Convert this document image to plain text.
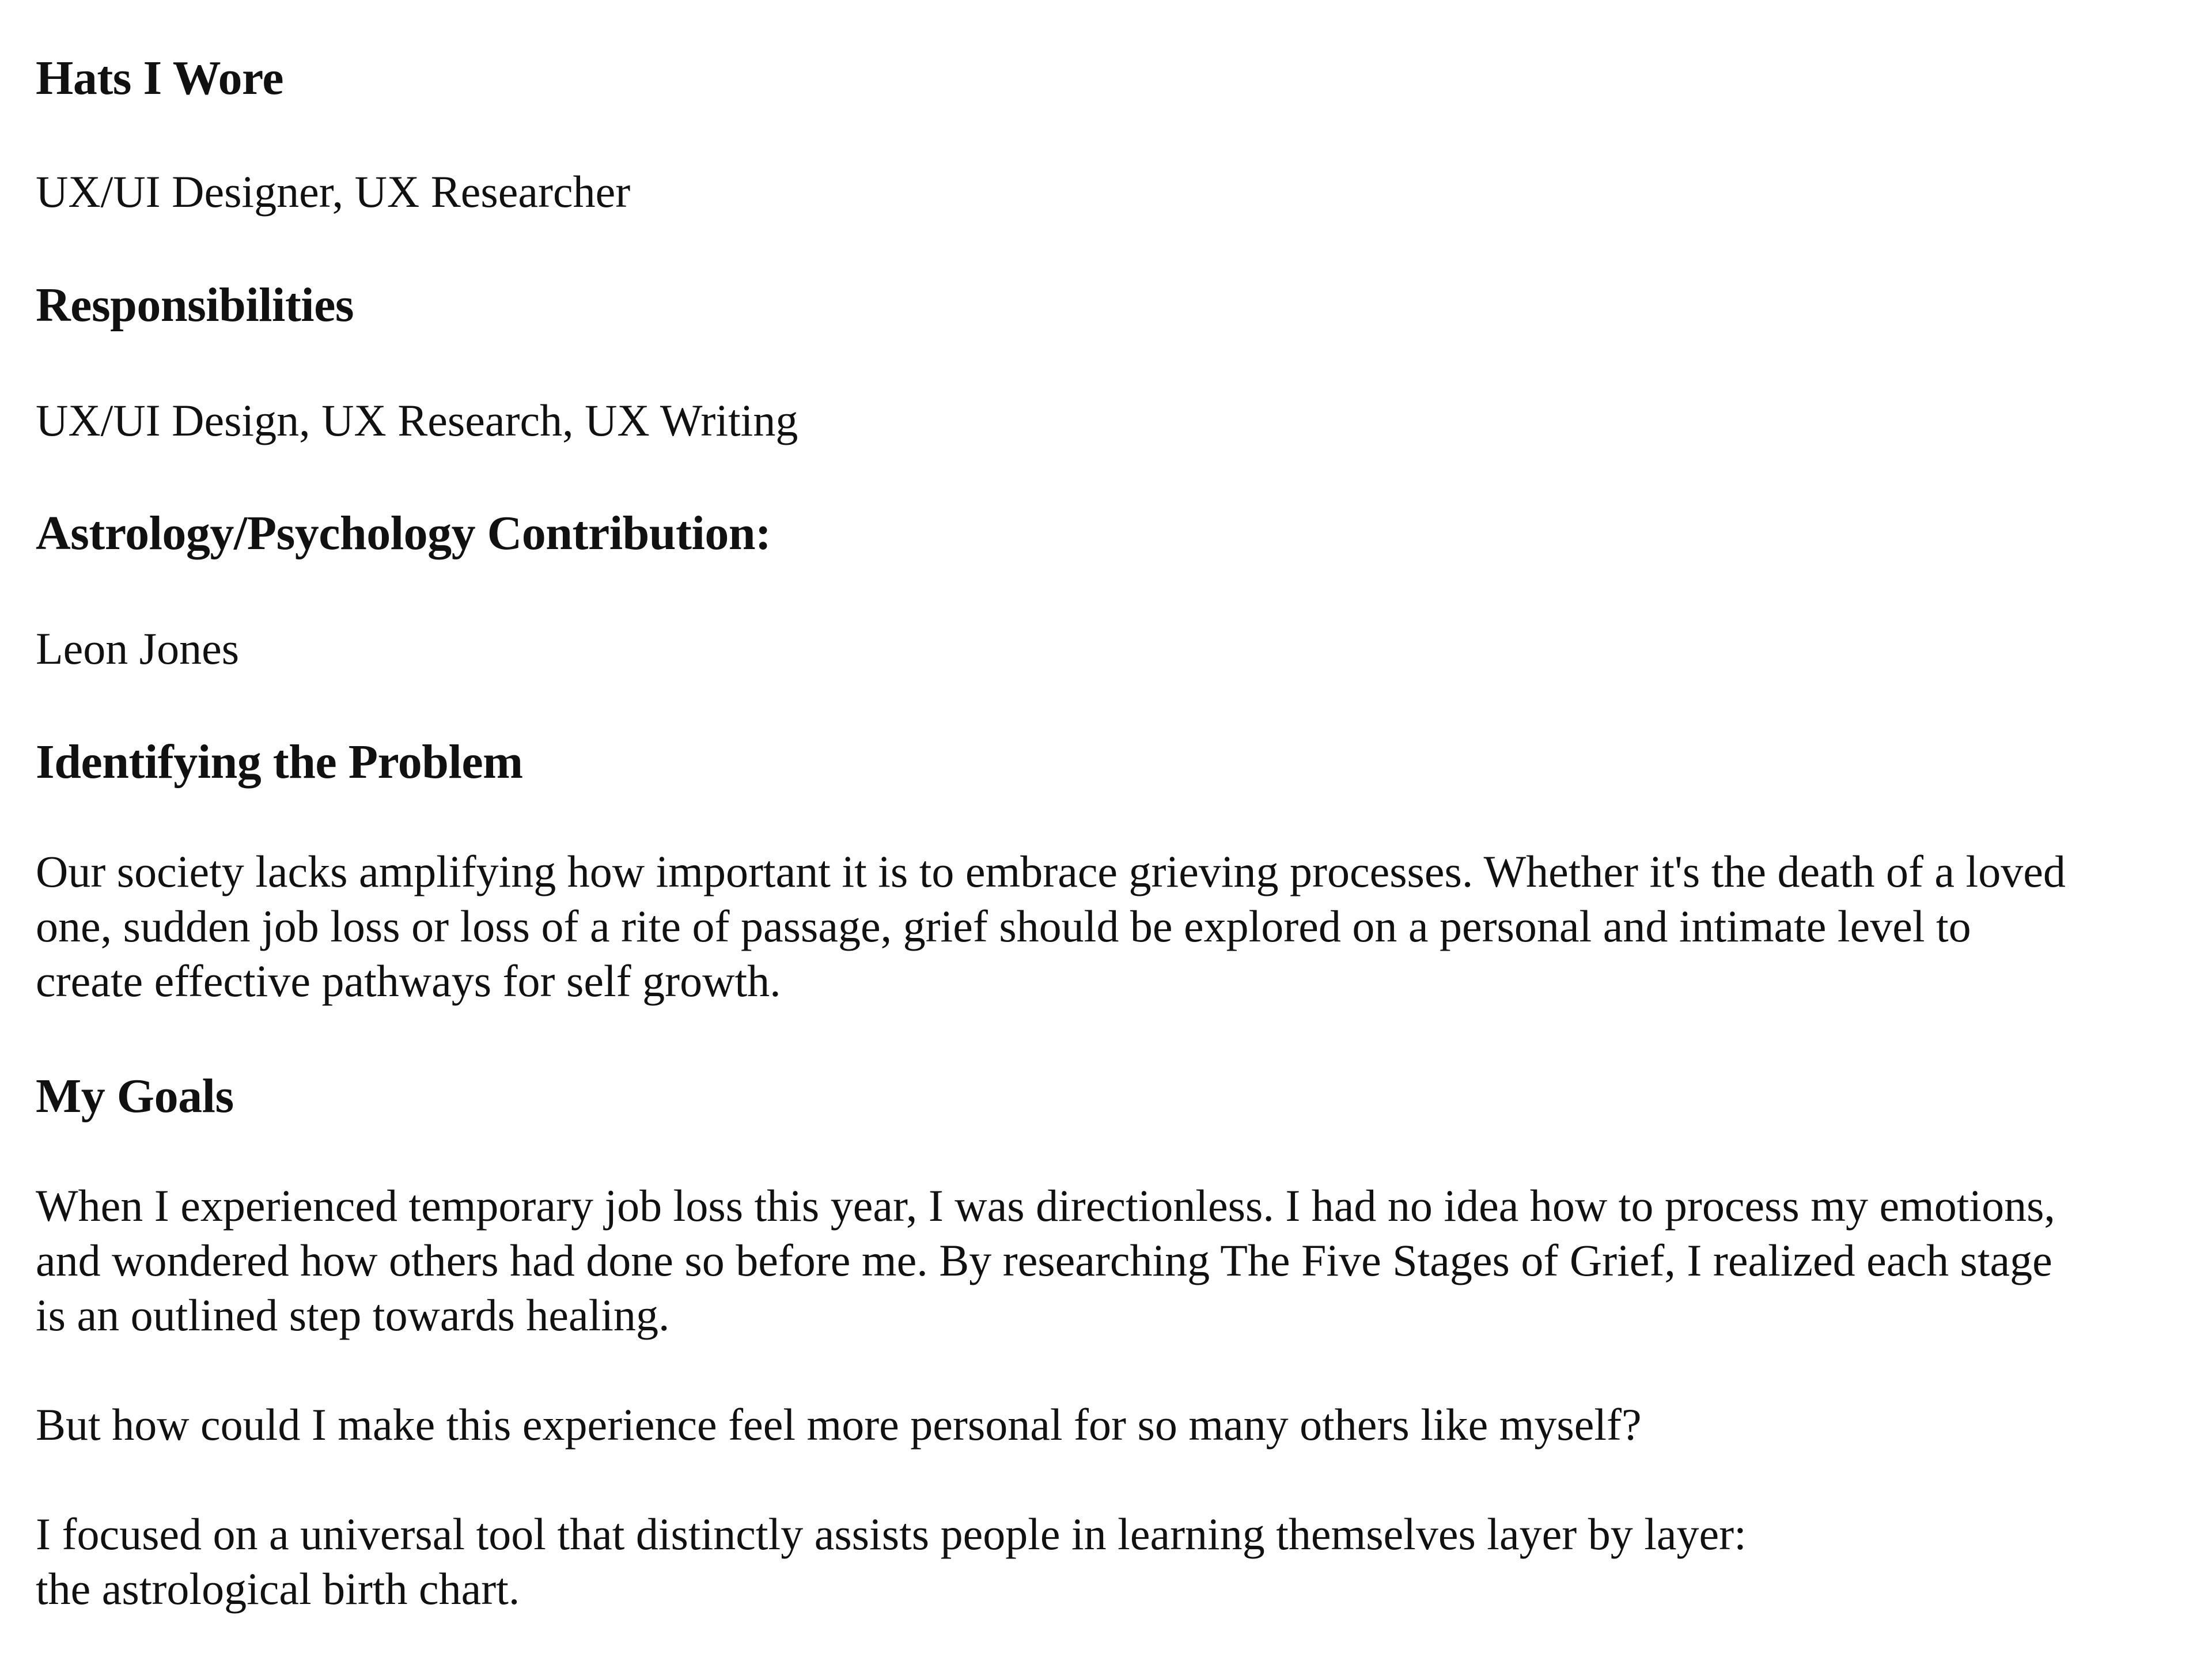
Hats I Wore

UX/UI Designer, UX Researcher

Responsibilities

UX/UI Design, UX Research, UX Writing

Astrology/Psychology Contribution:

Leon Jones

Identifying the Problem

Our society lacks amplifying how important it is to embrace grieving processes. Whether it's the death of a loved
one, sudden job loss or loss of a rite of passage, grief should be explored on a personal and intimate level to
create effective pathways for self growth.

My Goals

When I experienced temporary job loss this year, I was directionless. I had no idea how to process my emotions,
and wondered how others had done so before me. By researching The Five Stages of Grief, I realized each stage
is an outlined step towards healing.

But how could I make this experience feel more personal for so many others like myself?

I focused on a universal tool that distinctly assists people in learning themselves layer by layer:
the astrological birth chart.
